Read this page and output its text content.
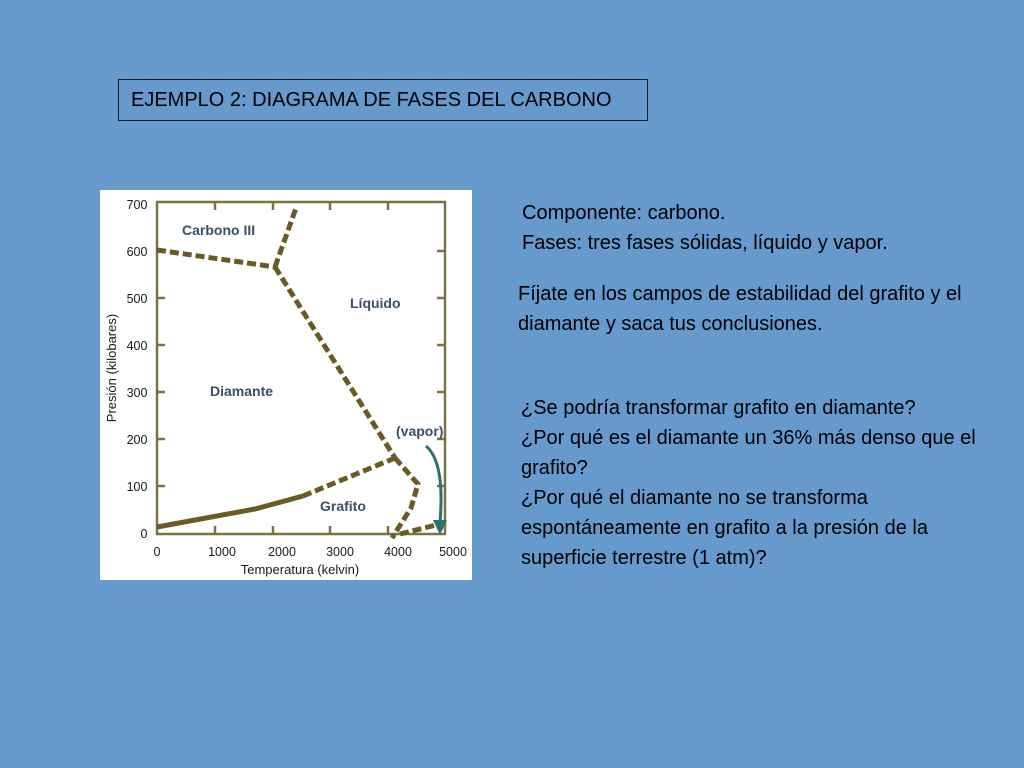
EJEMPLO 2: DIAGRAMA DE FASES DEL CARBONO
700
600
500
400
300
200
100
0
0	1000	2000 3000 4000 5000
Temperatura (kelvin)
Presión (kilobares)
Carbono III
Líquido
Diamante
Grafito
(vapor)

Componente: carbono.

Fases: tres fases sólidas, líquido y vapor.

Fíjate en los campos de estabilidad del grafito y el diamante y saca tus conclusiones.

¿Se podría transformar grafito en diamante?

¿Por qué es el diamante un 36% más denso que el grafito?

¿Por qué el diamante no se transforma espontáneamente en grafito a la presión de la superficie terrestre (1 atm)?
